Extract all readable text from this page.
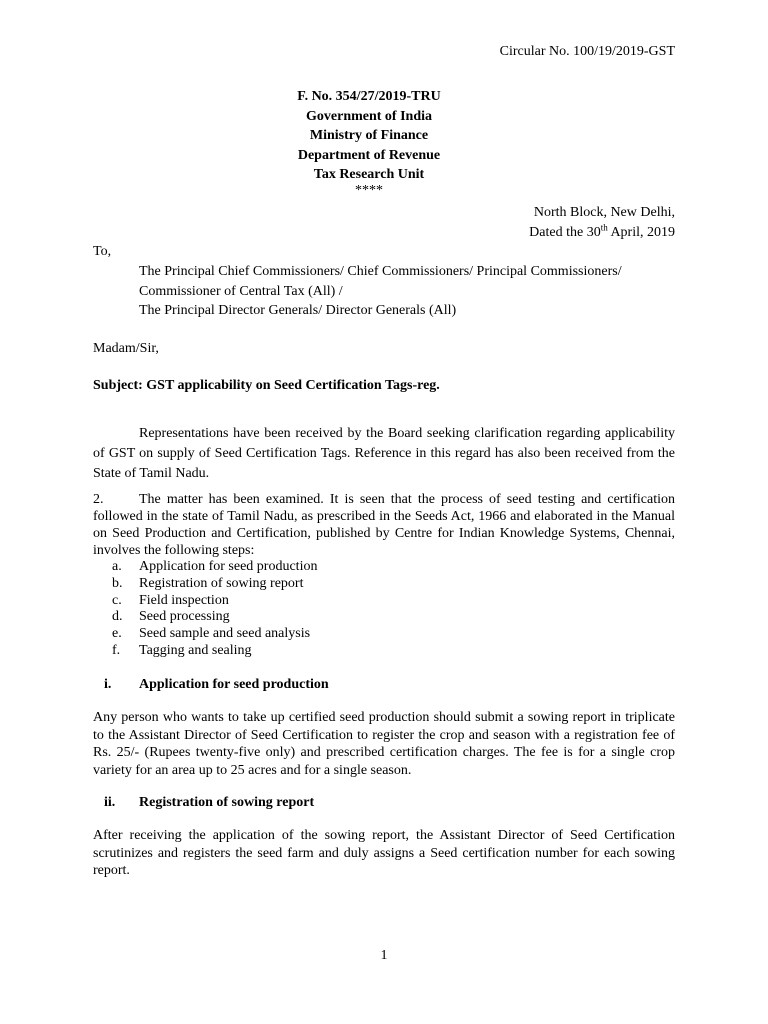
Circular No. 100/19/2019-GST
F. No. 354/27/2019-TRU
Government of India
Ministry of Finance
Department of Revenue
Tax Research Unit
****
North Block, New Delhi,
Dated the 30th April, 2019
To,
The Principal Chief Commissioners/ Chief Commissioners/ Principal Commissioners/
Commissioner of Central Tax (All) /
The Principal Director Generals/ Director Generals (All)
Madam/Sir,
Subject: GST applicability on Seed Certification Tags-reg.
Representations have been received by the Board seeking clarification regarding applicability of GST on supply of Seed Certification Tags. Reference in this regard has also been received from the State of Tamil Nadu.
2.	The matter has been examined. It is seen that the process of seed testing and certification followed in the state of Tamil Nadu, as prescribed in the Seeds Act, 1966 and elaborated in the Manual on Seed Production and Certification, published by Centre for Indian Knowledge Systems, Chennai, involves the following steps:
a. Application for seed production
b. Registration of sowing report
c. Field inspection
d. Seed processing
e. Seed sample and seed analysis
f. Tagging and sealing
i. Application for seed production
Any person who wants to take up certified seed production should submit a sowing report in triplicate to the Assistant Director of Seed Certification to register the crop and season with a registration fee of Rs. 25/- (Rupees twenty-five only) and prescribed certification charges. The fee is for a single crop variety for an area up to 25 acres and for a single season.
ii. Registration of sowing report
After receiving the application of the sowing report, the Assistant Director of Seed Certification scrutinizes and registers the seed farm and duly assigns a Seed certification number for each sowing report.
1
